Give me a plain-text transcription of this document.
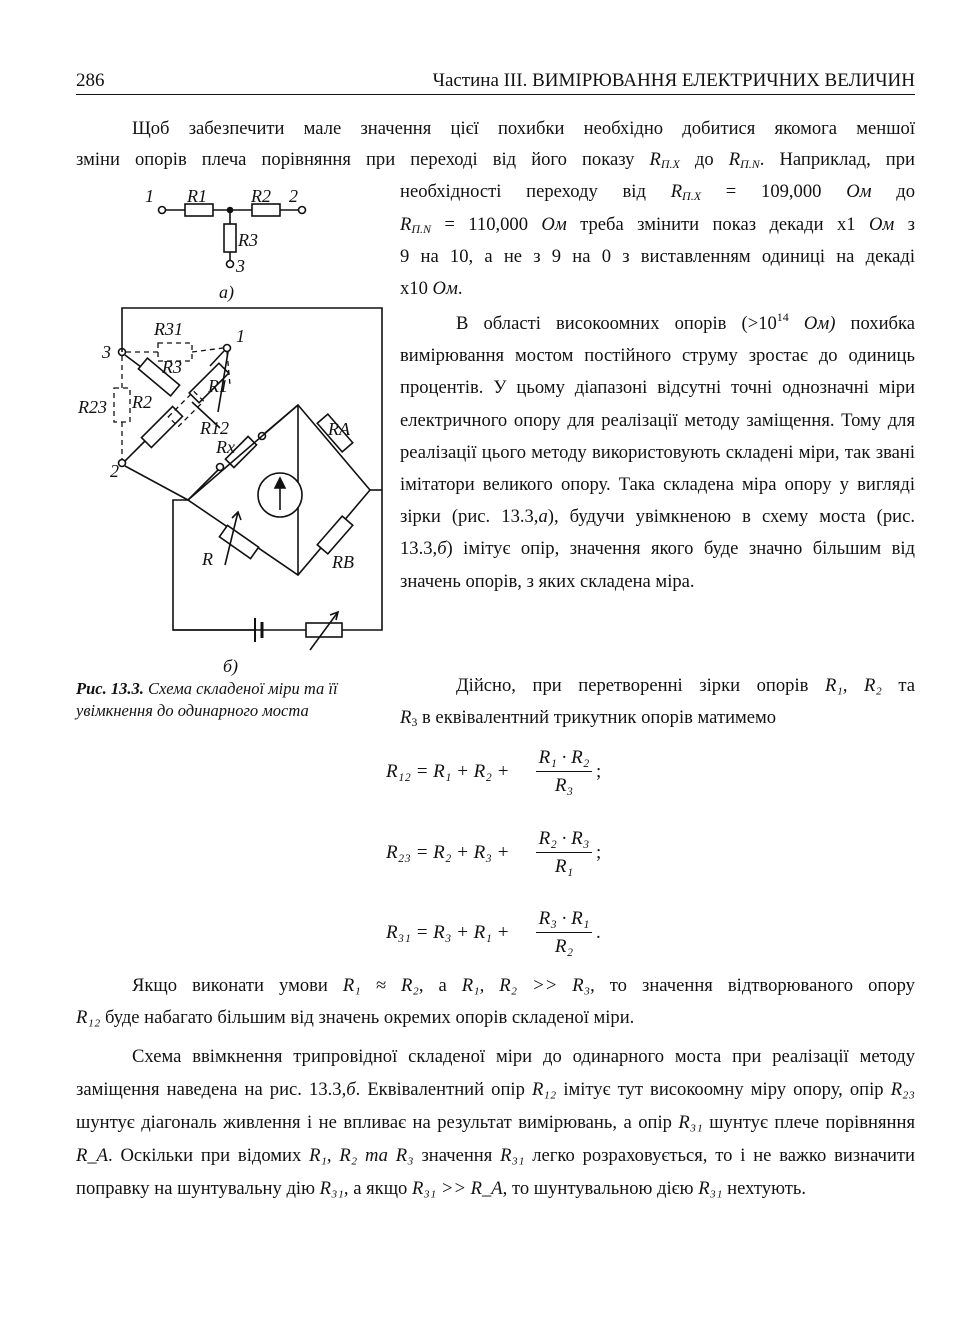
286	Частина ІІІ. ВИМІРЮВАННЯ ЕЛЕКТРИЧНИХ ВЕЛИЧИН

Щоб забезпечити мале значення цієї похибки необхідно добитися якомога меншої

зміни опорів плеча порівняння при переході від його показу $R_{П.X}$ до $R_{П.N}$. Наприклад, при

необхідності переходу від $R_{П.X} = 109,000$ Ом до

$R_{П.N} = 110,000$ Ом треба змінити показ декади x1 Ом з

9 на 10, а не з 9 на 0 з виставленням одиниці на декаді

x10 Ом.

В області високоомних опорів ($>10^{14}$ Ом) похибка вимірювання мостом постійного струму зростає до одиниць процентів. У цьому діапазоні відсутні точні однозначні міри електричного опору для реалізації методу заміщення. Тому для реалізації цього методу використовують складені міри, так звані імітатори великого опору. Така складена міра опору у вигляді зірки (рис. 13.3,а), будучи увімкненою в схему моста (рис. 13.3,б) імітує опір, значення якого буде значно більшим від значень опорів, з яких складена міра.

Дійсно, при перетворенні зірки опорів R₁, R₂ та

$R_3$ в еквівалентний трикутник опорів матимемо

$R_{12} = R_1 + R_2 + \frac{\text{R₁ · R₂}}{\text{R₃}}$ ;
$R_{23} = R_2 + R_3 + \frac{\text{R₂ · R₃}}{\text{R₁}}$ ;
$R_{31} = R_3 + R_1 + \frac{\text{R₃ · R₁}}{\text{R₂}}$ .

Якщо виконати умови R₁ ≈ R₂, а R₁, R₂ >> R₃, то значення відтворюваного опору

R₁₂ буде набагато більшим від значень окремих опорів складеної міри.

Схема ввімкнення трипровідної складеної міри до одинарного моста при реалізації методу заміщення наведена на рис. 13.3,б. Еквівалентний опір R₁₂ імітує тут високоомну міру опору, опір R₂₃ шунтує діагональ живлення і не впливає на результат вимірювань, а опір R₃₁ шунтує плече порівняння R_A. Оскільки при відомих R₁, R₂ та R₃ значення R₃₁ легко розраховується, то і не важко визначити поправку на шунтувальну дію R₃₁, а якщо R₃₁ >> R_A, то шунтувальною дією R₃₁ нехтують.

1 R1 R2 2
R3
3
а)
R31
R23
R3
R2
R1
R12
1
3
2
Rx
RA
RB
R
б)
Рис. 13.3. Схема складеної міри та її увімкнення до одинарного моста
